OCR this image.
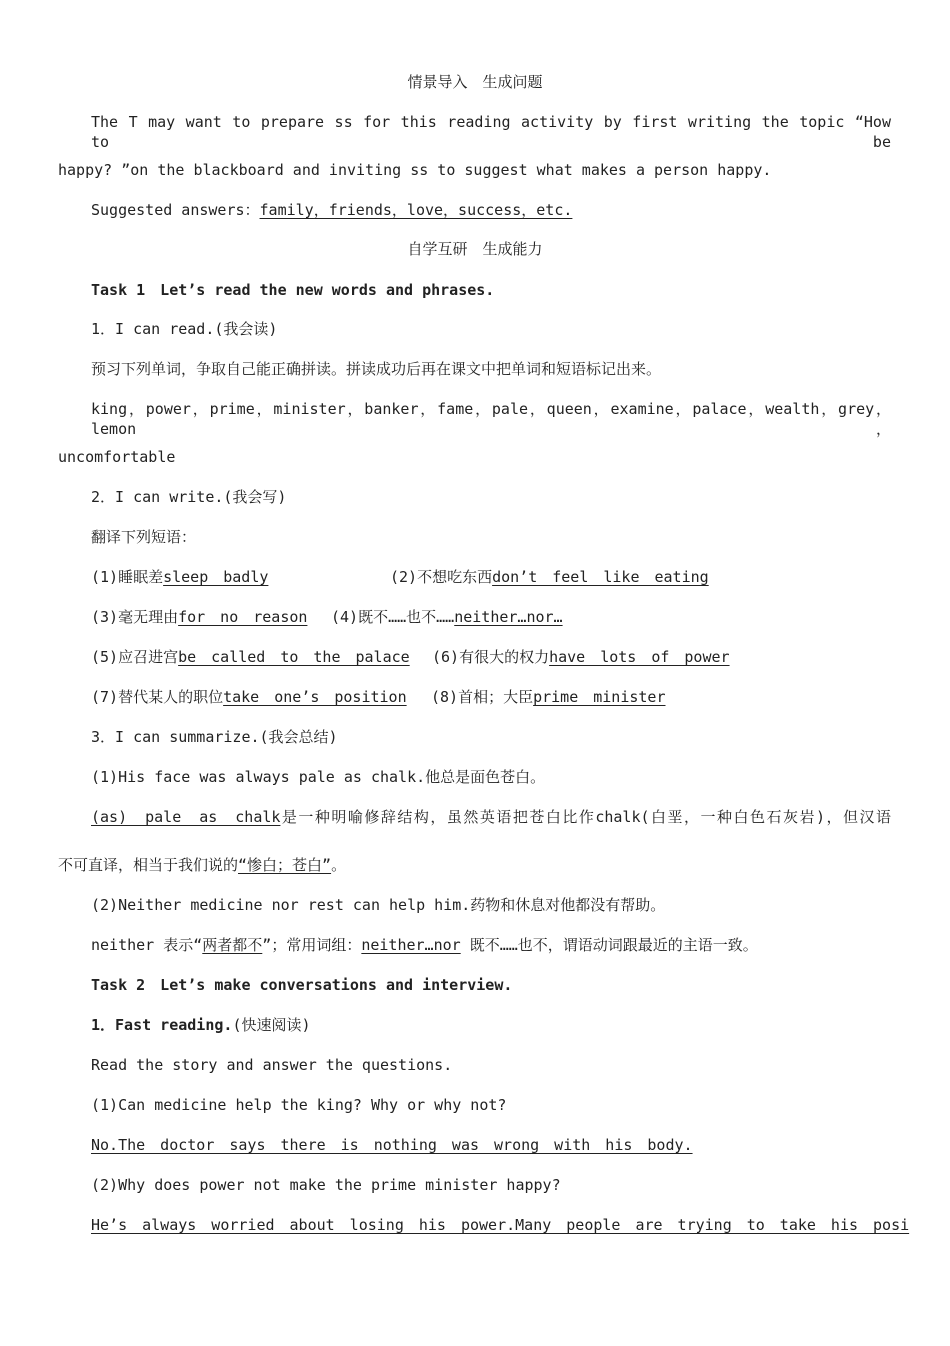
情景导入　生成问题
The T may want to prepare ss for this reading activity by first writing the topic “How to be
happy? ”on the blackboard and inviting ss to suggest what makes a person happy.
Suggested answers：family，friends，love，success，etc.
自学互研　生成能力
Task 1　Let’s read the new words and phrases.
1．I can read.(我会读)
预习下列单词，争取自己能正确拼读。拼读成功后再在课文中把单词和短语标记出来。
king，power，prime，minister，banker，fame，pale，queen，examine，palace，wealth，grey，lemon，
uncomfortable
2．I can write.(我会写)
翻译下列短语：
(1)睡眠差sleep　badly	(2)不想吃东西don’t　feel　like　eating
(3)毫无理由for　no　reason (4)既不……也不……neither…nor…
(5)应召进宫be　called　to　the　palace (6)有很大的权力have　lots　of　power
(7)替代某人的职位take　one’s　position (8)首相；大臣prime　minister
3．I can summarize.(我会总结)
(1)His face was always pale as chalk.他总是面色苍白。
(as)　pale　as　chalk是一种明喻修辞结构，虽然英语把苍白比作chalk(白垩，一种白色石灰岩)，但汉语
不可直译，相当于我们说的“惨白；苍白”。
(2)Neither medicine nor rest can help him.药物和休息对他都没有帮助。
neither 表示“两者都不”；常用词组：neither…nor 既不……也不，谓语动词跟最近的主语一致。
Task 2　Let’s make conversations and interview.
1．Fast reading.(快速阅读)
Read the story and answer the questions.
(1)Can medicine help the king? Why or why not?
No.The　doctor　says　there　is　nothing　was　wrong　with　his　body.
(2)Why does power not make the prime minister happy?
He’s　always　worried　about　losing　his　power.Many　people　are　trying　to　take　his　posi
